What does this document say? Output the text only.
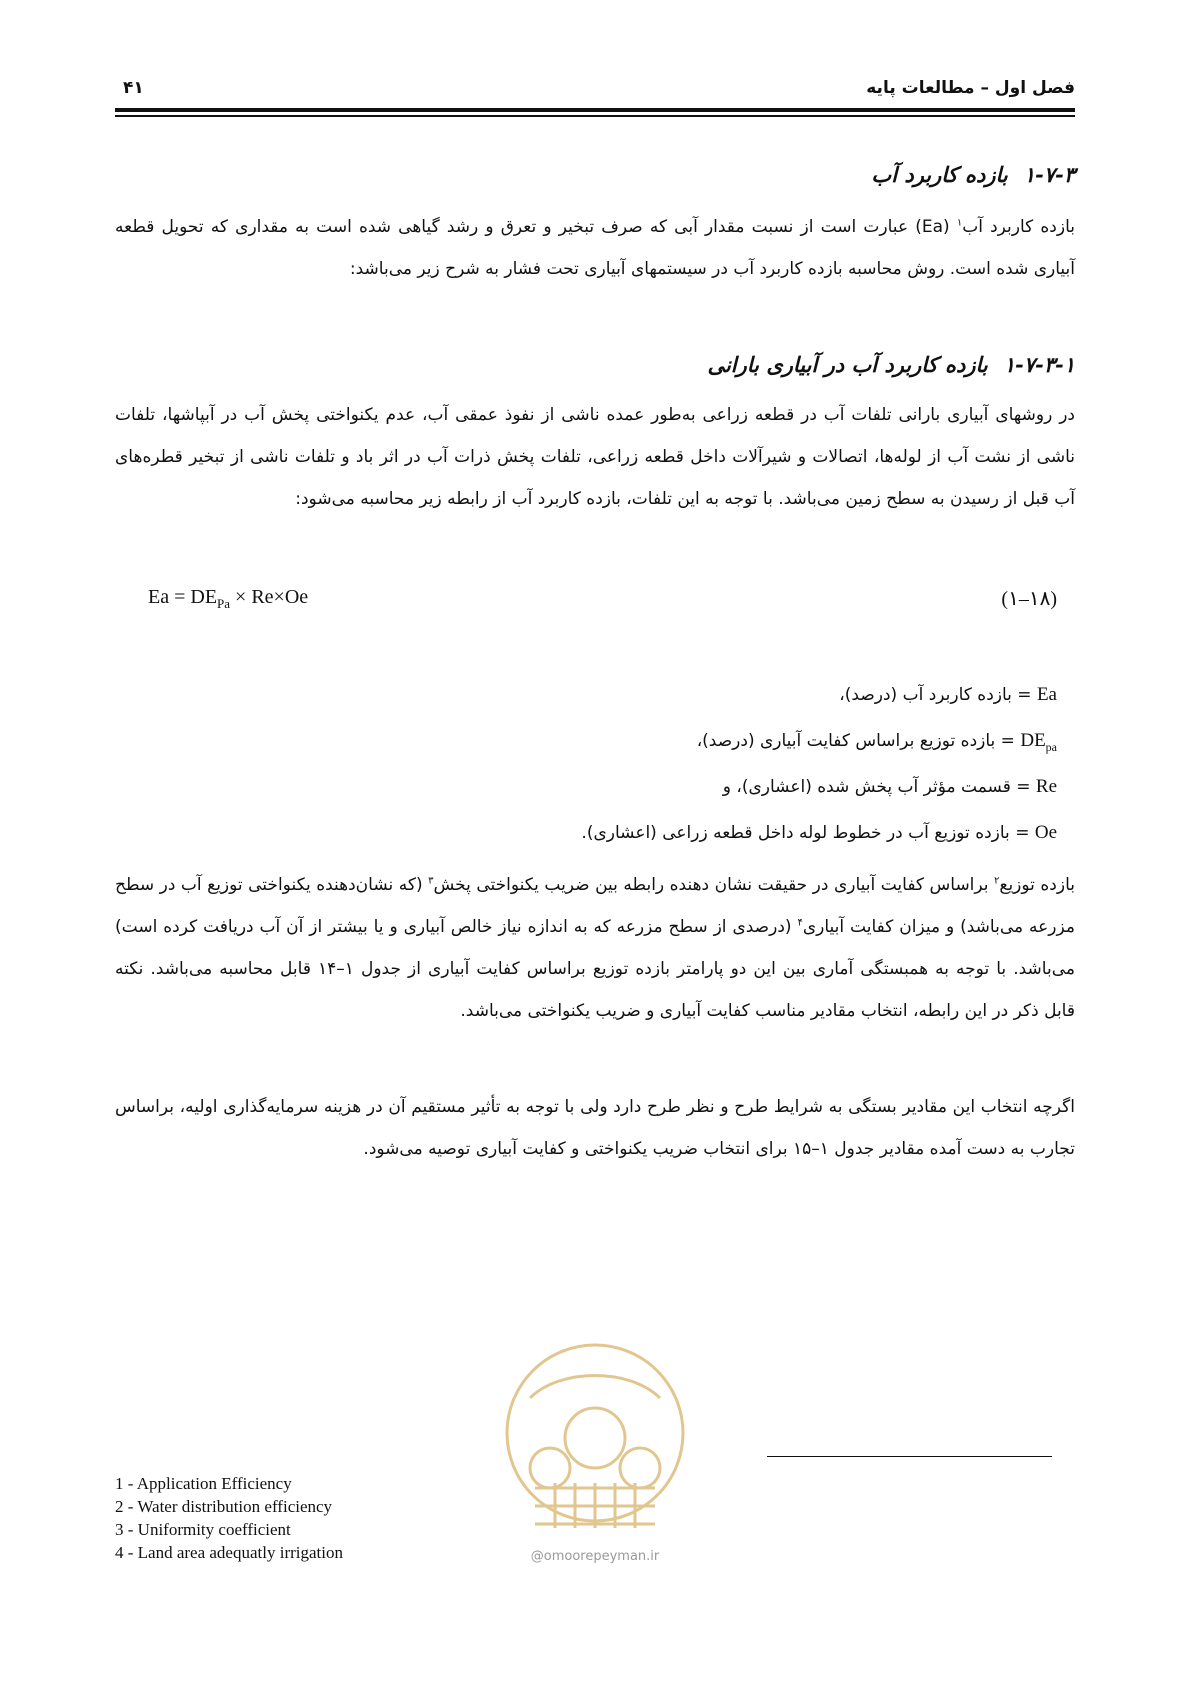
فصل اول – مطالعات پایه
۴۱
۱-۷-۳بازده کاربرد آب
بازده کاربرد آب$^۱$ (Ea) عبارت است از نسبت مقدار آبی که صرف تبخیر و تعرق و رشد گیاهی شده است به مقداری که تحویل قطعه آبیاری شده است. روش محاسبه بازده کاربرد آب در سیستمهای آبیاری تحت فشار به شرح زیر می‌باشد:
۱-۷-۳-۱بازده کاربرد آب در آبیاری بارانی
در روشهای آبیاری بارانی تلفات آب در قطعه زراعی به‌طور عمده ناشی از نفوذ عمقی آب، عدم یکنواختی پخش آب در آبپاشها، تلفات ناشی از نشت آب از لوله‌ها، اتصالات و شیرآلات داخل قطعه زراعی، تلفات پخش ذرات آب در اثر باد و تلفات ناشی از تبخیر قطره‌های آب قبل از رسیدن به سطح زمین می‌باشد. با توجه به این تلفات، بازده کاربرد آب از رابطه زیر محاسبه می‌شود:
$Ea = DE_{Pa} \times Re\times Oe$	(۱۸–۱)
Ea = بازده کاربرد آب (درصد)،
$DE_{pa}$ = بازده توزیع براساس کفایت آبیاری (درصد)،
Re = قسمت مؤثر آب پخش شده (اعشاری)، و
Oe = بازده توزیع آب در خطوط لوله داخل قطعه زراعی (اعشاری).
بازده توزیع$^۲$ براساس کفایت آبیاری در حقیقت نشان دهنده رابطه بین ضریب یکنواختی پخش$^۳$ (که نشان‌دهنده یکنواختی توزیع آب در سطح مزرعه می‌باشد) و میزان کفایت آبیاری$^۴$ (درصدی از سطح مزرعه که به اندازه نیاز خالص آبیاری و یا بیشتر از آن آب دریافت کرده است) می‌باشد. با توجه به همبستگی آماری بین این دو پارامتر بازده توزیع براساس کفایت آبیاری از جدول ۱–۱۴ قابل محاسبه می‌باشد. نکته قابل ذکر در این رابطه، انتخاب مقادیر مناسب کفایت آبیاری و ضریب یکنواختی می‌باشد.
اگرچه انتخاب این مقادیر بستگی به شرایط طرح و نظر طرح دارد ولی با توجه به تأثیر مستقیم آن در هزینه سرمایه‌گذاری اولیه، براساس تجارب به دست آمده مقادیر جدول ۱–۱۵ برای انتخاب ضریب یکنواختی و کفایت آبیاری توصیه می‌شود.
@omoorepeyman.ir
1 - Application Efficiency
2 - Water distribution efficiency
3 - Uniformity coefficient
4 - Land area adequatly irrigation
